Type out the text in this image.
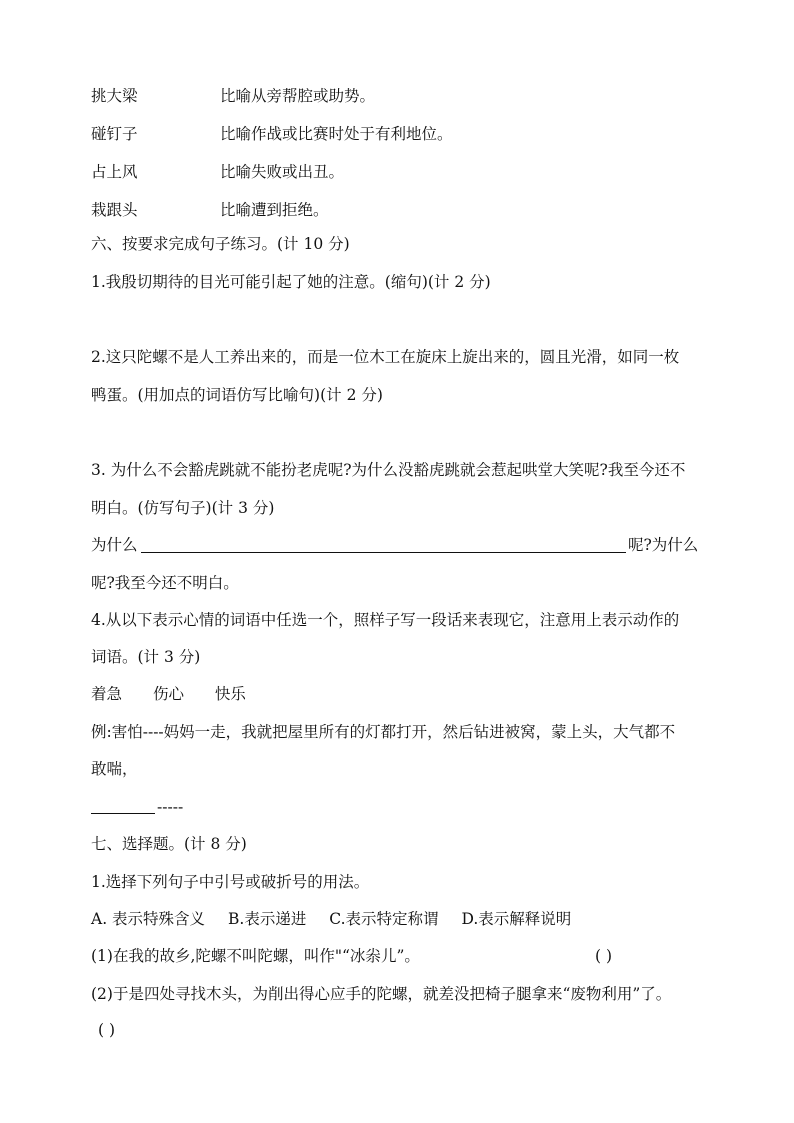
挑大梁	比喻从旁帮腔或助势。
碰钉子	比喻作战或比赛时处于有利地位。
占上风	比喻失败或出丑。
栽跟头	比喻遭到拒绝。
六、按要求完成句子练习。(计 10 分)
1.我殷切期待的目光可能引起了她的注意。(缩句)(计 2 分)
2.这只陀螺不是人工养出来的，而是一位木工在旋床上旋出来的，圆且光滑，如同一枚
鸭蛋。(用加点的词语仿写比喻句)(计 2 分)
3. 为什么不会豁虎跳就不能扮老虎呢?为什么没豁虎跳就会惹起哄堂大笑呢?我至今还不
明白。(仿写句子)(计 3 分)
为什么	呢?为什么
呢?我至今还不明白。
4.从以下表示心情的词语中任选一个，照样子写一段话来表现它，注意用上表示动作的
词语。(计 3 分)
着急 伤心 快乐
例:害怕----妈妈一走，我就把屋里所有的灯都打开，然后钻进被窝，蒙上头，大气都不
敢喘，
-----
七、选择题。(计 8 分)
1.选择下列句子中引号或破折号的用法。
A. 表示特殊含义 B.表示递进 C.表示特定称谓 D.表示解释说明
(1)在我的故乡,陀螺不叫陀螺，叫作"“冰尜儿”。	( )
(2)于是四处寻找木头，为削出得心应手的陀螺，就差没把椅子腿拿来“废物利用”了。
( )
